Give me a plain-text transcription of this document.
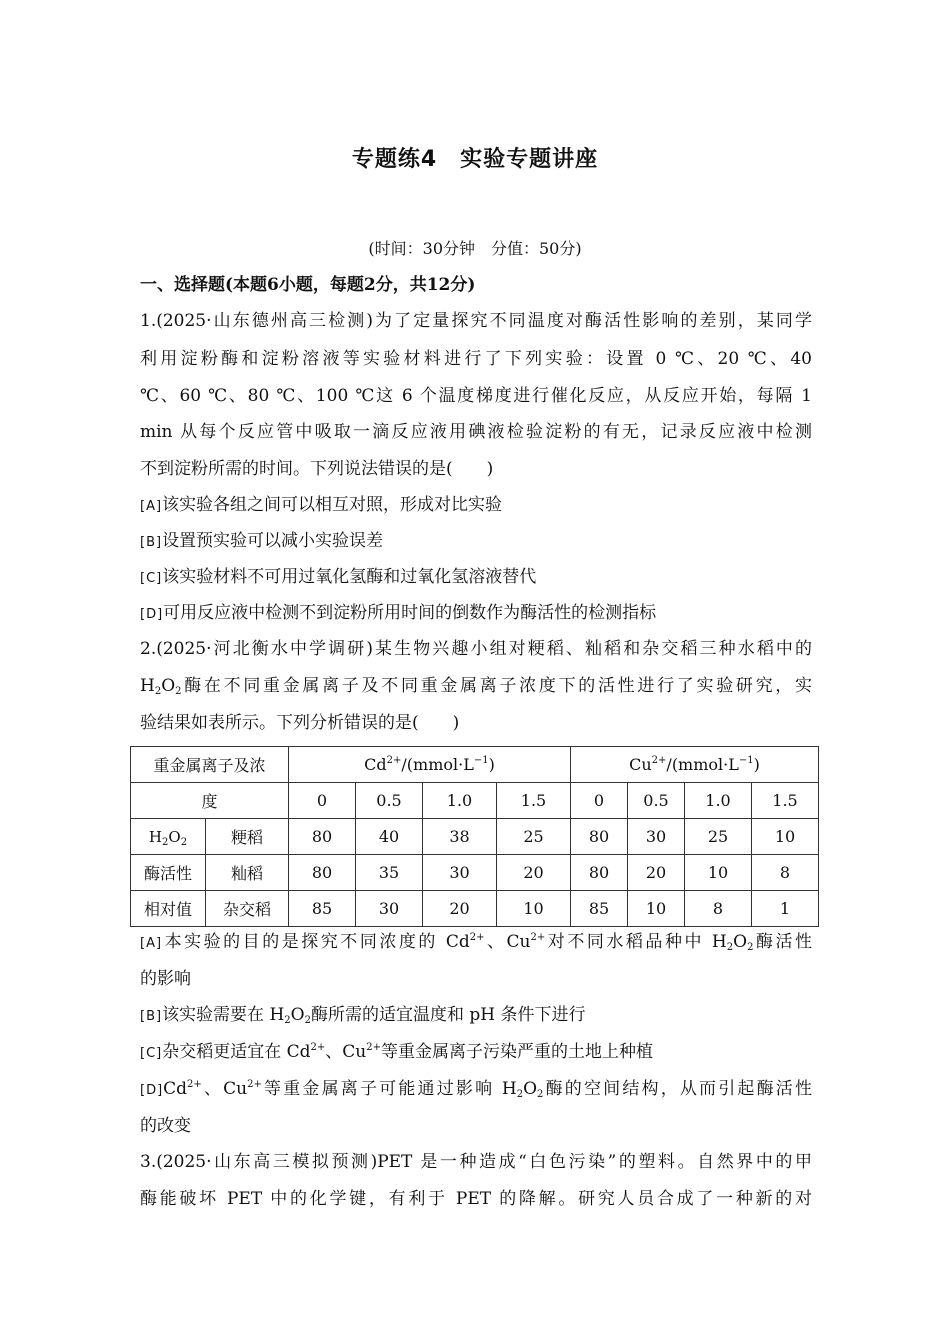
专题练4　实验专题讲座
(时间：30分钟　分值：50分)
一、选择题(本题6小题，每题2分，共12分)
1.(2025·山东德州高三检测)为了定量探究不同温度对酶活性影响的差别，某同学
利用淀粉酶和淀粉溶液等实验材料进行了下列实验：设置 0 ℃、20 ℃、40
℃、60 ℃、80 ℃、100 ℃这 6 个温度梯度进行催化反应，从反应开始，每隔 1
min 从每个反应管中吸取一滴反应液用碘液检验淀粉的有无，记录反应液中检测
不到淀粉所需的时间。下列说法错误的是(　　)
[A]该实验各组之间可以相互对照，形成对比实验
[B]设置预实验可以减小实验误差
[C]该实验材料不可用过氧化氢酶和过氧化氢溶液替代
[D]可用反应液中检测不到淀粉所用时间的倒数作为酶活性的检测指标
2.(2025·河北衡水中学调研)某生物兴趣小组对粳稻、籼稻和杂交稻三种水稻中的
$H_2O_2$酶在不同重金属离子及不同重金属离子浓度下的活性进行了实验研究，实
验结果如表所示。下列分析错误的是(　　)
重金属离子及浓		$Cd^{2+}/(mmol\cdot L^{-1})$				$Cu^{2+}/(mmol\cdot L^{-1})$			
度		0	0.5	1.0	1.5	0	0.5	1.0	1.5
$H_2O_2$	粳稻	80	40	38	25	80	30	25	10
酶活性	籼稻	80	35	30	20	80	20	10	8
相对值	杂交稻	85	30	20	10	85	10	8	1
[A]本实验的目的是探究不同浓度的 $Cd^{2+}$、$Cu^{2+}$对不同水稻品种中 $H_2O_2$酶活性
的影响
[B]该实验需要在 $H_2O_2$酶所需的适宜温度和 pH 条件下进行
[C]杂交稻更适宜在 $Cd^{2+}$、$Cu^{2+}$等重金属离子污染严重的土地上种植
$[D]Cd^{2+}$、$Cu^{2+}$等重金属离子可能通过影响 $H_2O_2$酶的空间结构，从而引起酶活性
的改变
3.(2025·山东高三模拟预测)PET 是一种造成“白色污染”的塑料。自然界中的甲
酶能破坏 PET 中的化学键，有利于 PET 的降解。研究人员合成了一种新的对
